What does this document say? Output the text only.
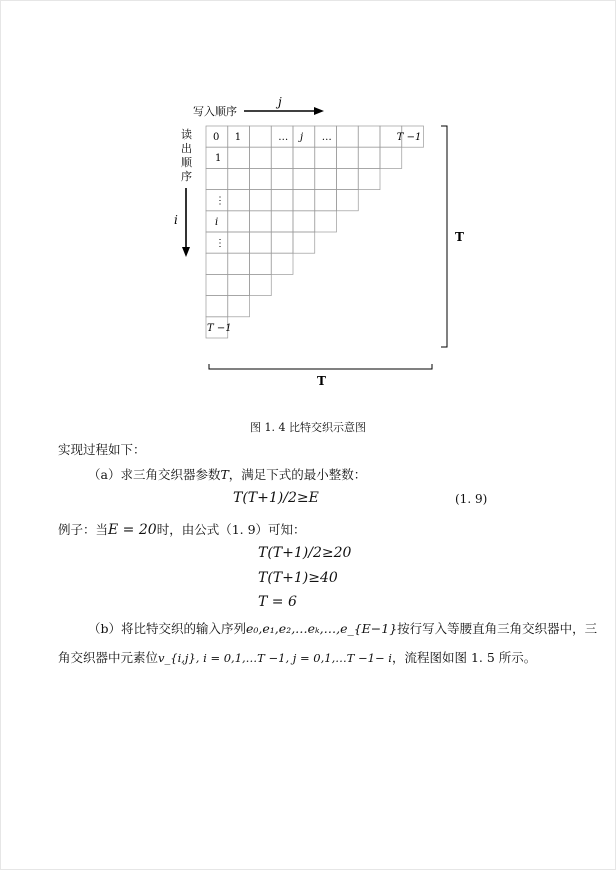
写入顺序
j
读
出
顺
序
i
0 1	… j …	T −1
1
⋮
i
⋮
T −1
T
T
图 1. 4 比特交织示意图
实现过程如下：
（a）求三角交织器参数T，满足下式的最小整数：
T(T+1)/2≥E	(1. 9)
例子：当E = 20时，由公式（1. 9）可知：
T(T+1)/2≥20
T(T+1)≥40
T = 6
（b）将比特交织的输入序列e₀,e₁,e₂,…eₖ,…,e_{E−1}按行写入等腰直角三角交织器中，三
角交织器中元素位v_{i,j}, i = 0,1,…T −1, j = 0,1,…T −1− i，流程图如图 1. 5 所示。
